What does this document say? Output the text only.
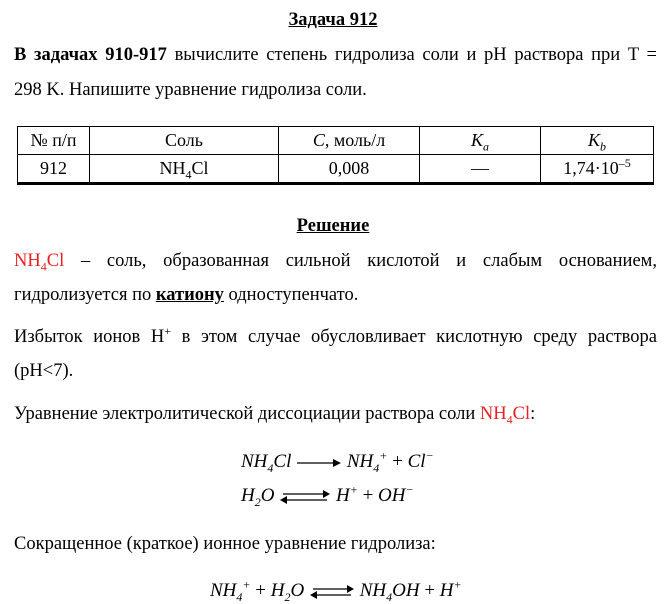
Задача 912
В задачах 910-917 вычислите степень гидролиза соли и pH раствора при T =
298 K. Напишите уравнение гидролиза соли.
№ п/п	Соль	C, моль/л	$K_a$	$K_b$
912	$NH_4Cl$	0,008	—	$1,74\cdot 10^{-5}$
Решение
$NH_4Cl$ – соль, образованная сильной кислотой и слабым основанием,
гидролизуется по катиону одноступенчато.
Избыток ионов H+ в этом случае обусловливает кислотную среду раствора
(pH<7).
Уравнение электролитической диссоциации раствора соли $NH_4Cl$:
$NH_4Cl$	$NH_4^+ + Cl^-$
$H_2O$ ⇌ H+ + OH−
Сокращенное (краткое) ионное уравнение гидролиза:
$NH_4^+ + H_2O$ ⇌ $NH_4OH + H^+$
